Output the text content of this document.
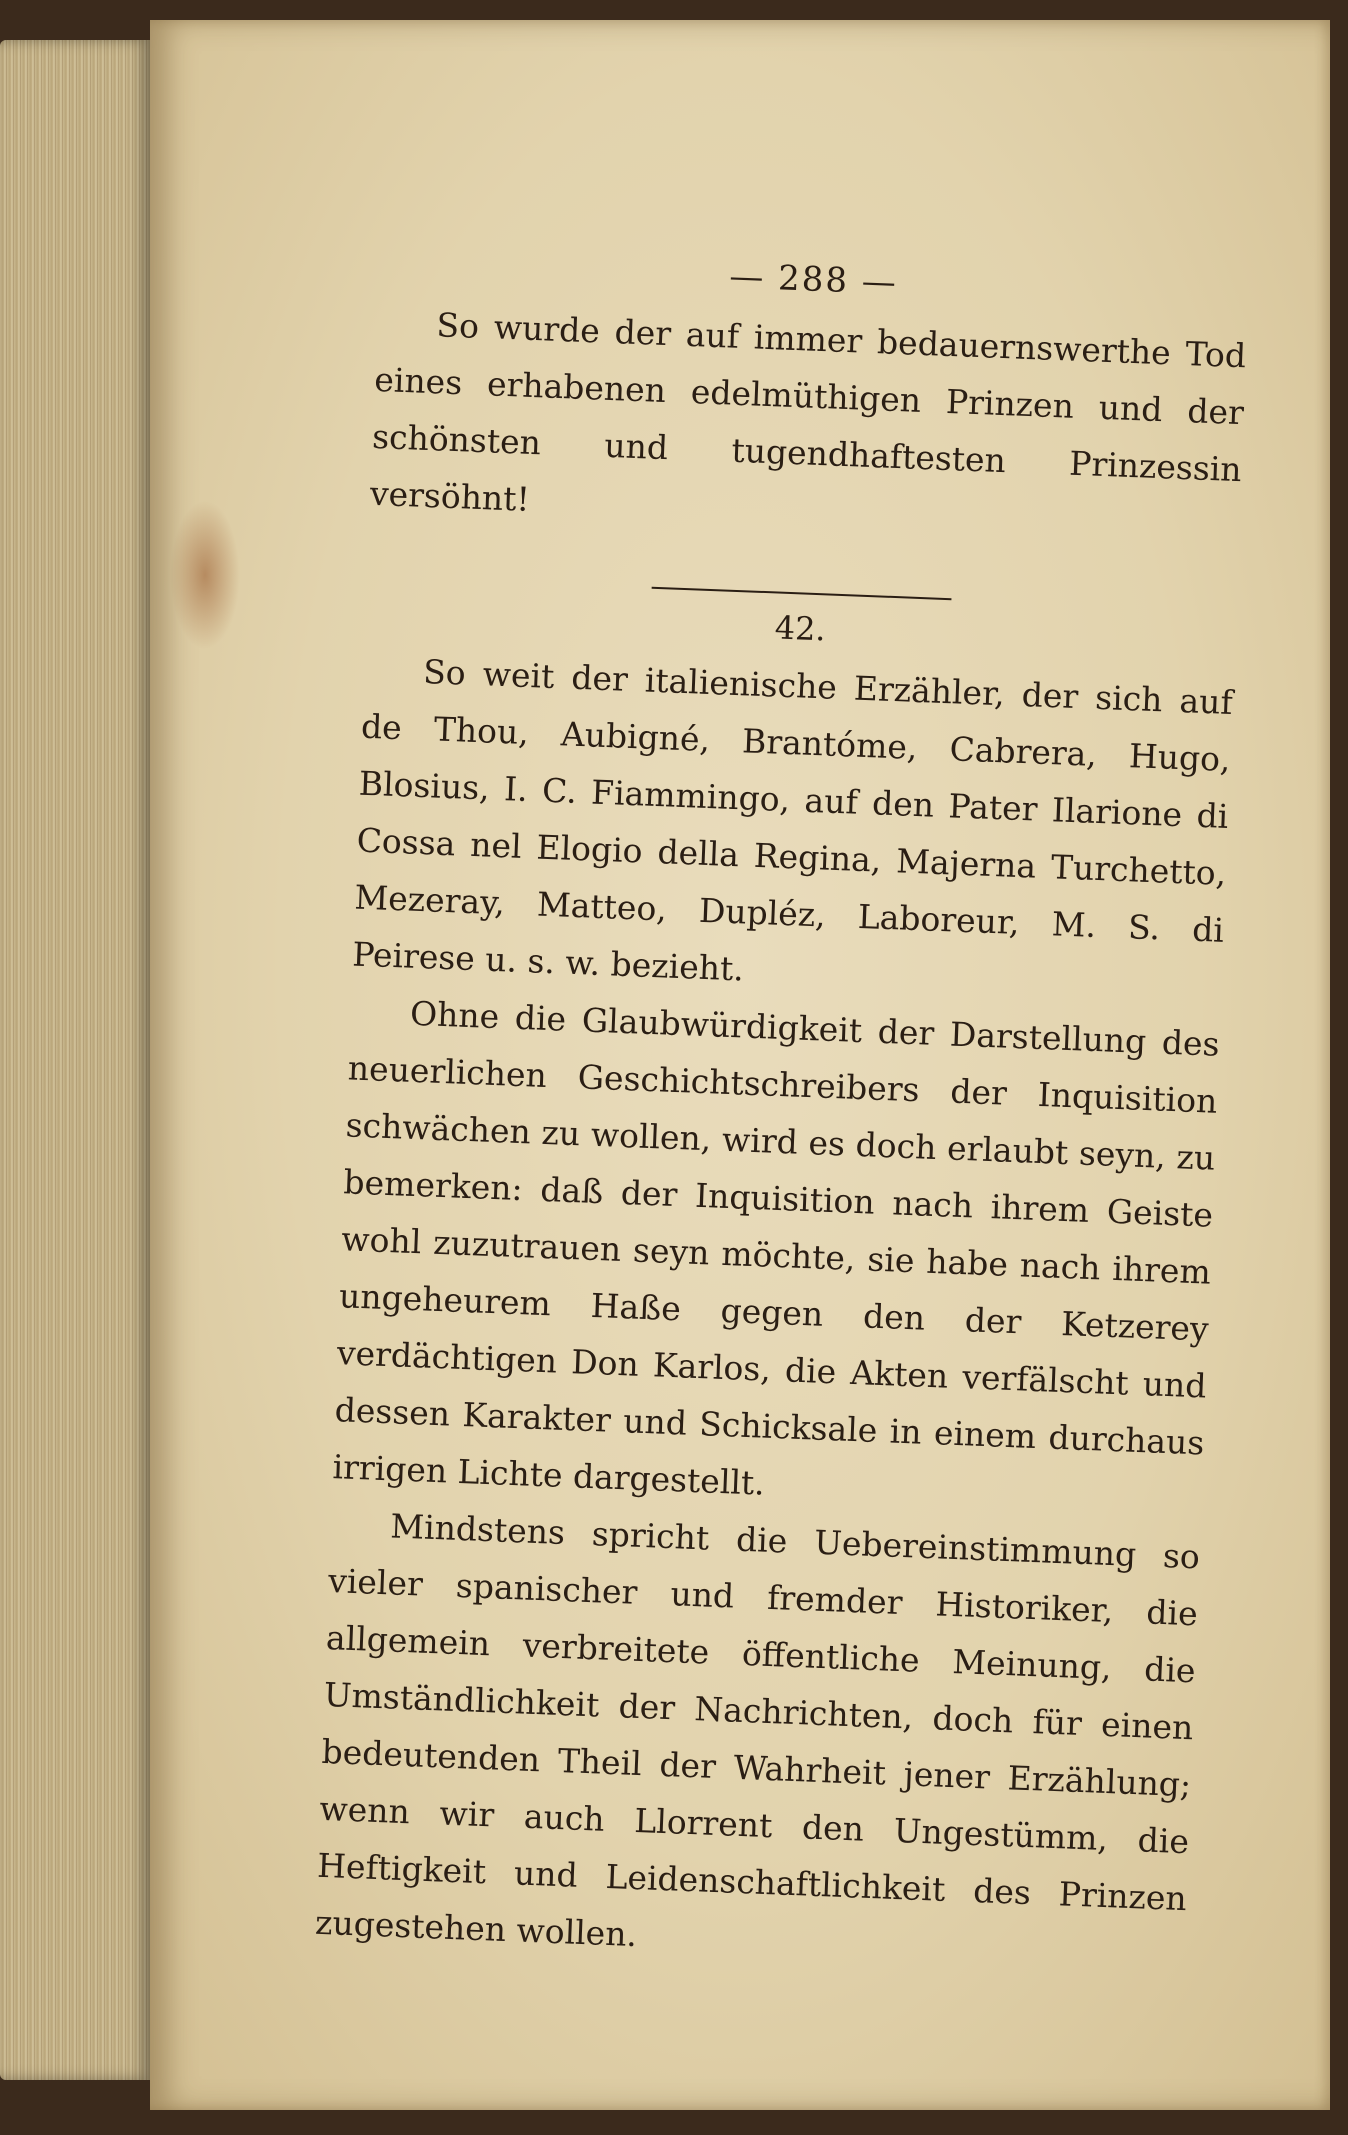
— 288 —

So wurde der auf immer bedauernswerthe Tod eines erhabenen edelmüthigen Prinzen und der schönsten und tugendhaftesten Prinzessin versöhnt!

42.

So weit der italienische Erzähler, der sich auf de Thou, Aubigné, Brantóme, Cabrera, Hugo, Blosius, I. C. Fiammingo, auf den Pater Ilarione di Cossa nel Elogio della Regina, Majerna Turchetto, Mezeray, Matteo, Dupléz, Laboreur, M. S. di Peirese u. s. w. bezieht.

Ohne die Glaubwürdigkeit der Darstellung des neuerlichen Geschichtschreibers der Inquisition schwächen zu wollen, wird es doch erlaubt seyn, zu bemerken: daß der Inquisition nach ihrem Geiste wohl zuzutrauen seyn möchte, sie habe nach ihrem ungeheurem Haße gegen den der Ketzerey verdächtigen Don Karlos, die Akten verfälscht und dessen Karakter und Schicksale in einem durchaus irrigen Lichte dargestellt.

Mindstens spricht die Uebereinstimmung so vieler spanischer und fremder Historiker, die allgemein verbreitete öffentliche Meinung, die Umständlichkeit der Nachrichten, doch für einen bedeutenden Theil der Wahrheit jener Erzählung; wenn wir auch Llorrent den Ungestümm, die Heftigkeit und Leidenschaftlichkeit des Prinzen zugestehen wollen.
